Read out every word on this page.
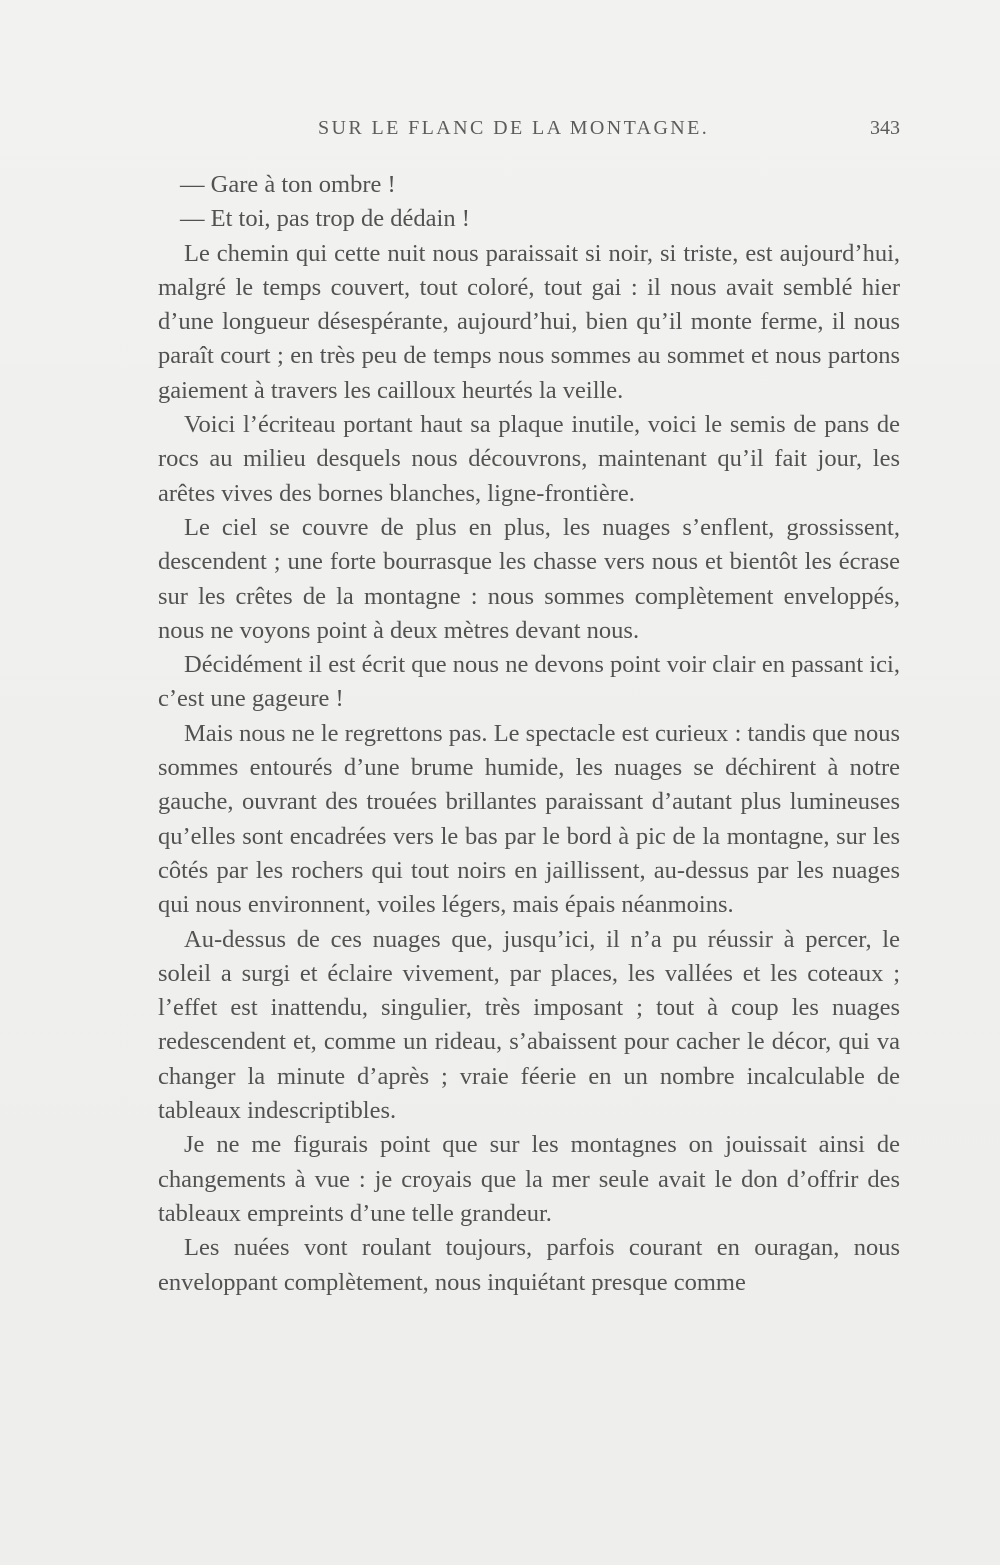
SUR LE FLANC DE LA MONTAGNE.	343

— Gare à ton ombre !

— Et toi, pas trop de dédain !

Le chemin qui cette nuit nous paraissait si noir, si triste, est aujourd’hui, malgré le temps couvert, tout coloré, tout gai : il nous avait semblé hier d’une longueur désespérante, aujourd’hui, bien qu’il monte ferme, il nous paraît court ; en très peu de temps nous sommes au sommet et nous partons gaiement à travers les cailloux heurtés la veille.

Voici l’écriteau portant haut sa plaque inutile, voici le semis de pans de rocs au milieu desquels nous découvrons, maintenant qu’il fait jour, les arêtes vives des bornes blanches, ligne-frontière.

Le ciel se couvre de plus en plus, les nuages s’enflent, grossissent, descendent ; une forte bourrasque les chasse vers nous et bientôt les écrase sur les crêtes de la montagne : nous sommes complètement enveloppés, nous ne voyons point à deux mètres devant nous.

Décidément il est écrit que nous ne devons point voir clair en passant ici, c’est une gageure !

Mais nous ne le regrettons pas. Le spectacle est curieux : tandis que nous sommes entourés d’une brume humide, les nuages se déchirent à notre gauche, ouvrant des trouées brillantes paraissant d’autant plus lumineuses qu’elles sont encadrées vers le bas par le bord à pic de la montagne, sur les côtés par les rochers qui tout noirs en jaillissent, au-dessus par les nuages qui nous environnent, voiles légers, mais épais néanmoins.

Au-dessus de ces nuages que, jusqu’ici, il n’a pu réussir à percer, le soleil a surgi et éclaire vivement, par places, les vallées et les coteaux ; l’effet est inattendu, singulier, très imposant ; tout à coup les nuages redescendent et, comme un rideau, s’abaissent pour cacher le décor, qui va changer la minute d’après ; vraie féerie en un nombre incalculable de tableaux indescriptibles.

Je ne me figurais point que sur les montagnes on jouissait ainsi de changements à vue : je croyais que la mer seule avait le don d’offrir des tableaux empreints d’une telle grandeur.

Les nuées vont roulant toujours, parfois courant en ouragan, nous enveloppant complètement, nous inquiétant presque comme
